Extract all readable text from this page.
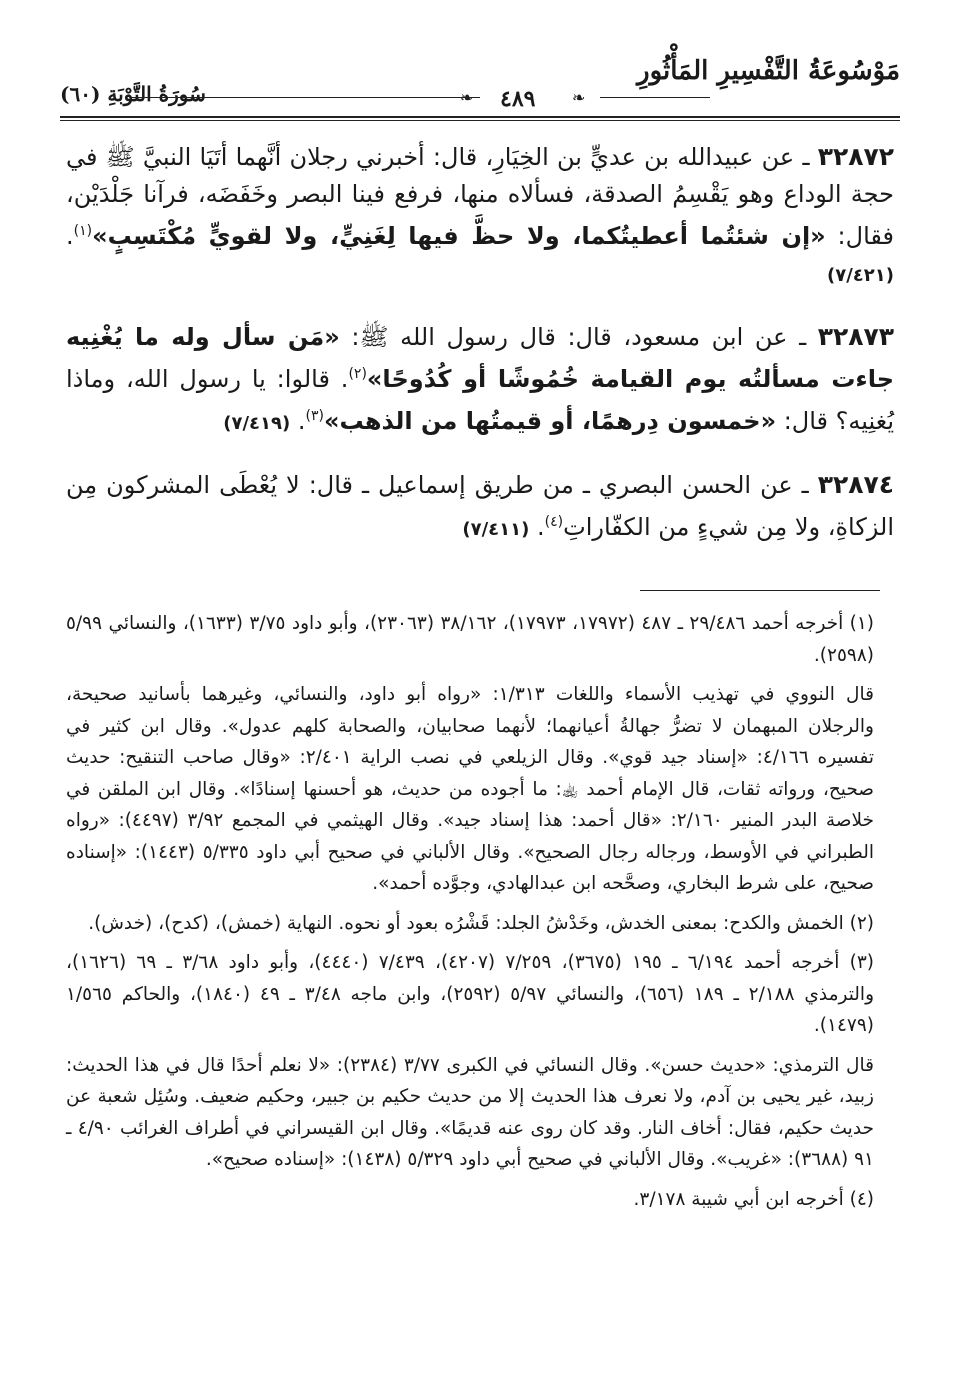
مَوْسُوعَةُ التَّفْسِيرِ المَأْثُورِ
سُورَةُ التَّوْبَةِ (٦٠)	❧ ٤٨٩ ❧

٣٢٨٧٢ ـ عن عبيدالله بن عديٍّ بن الخِيَارِ، قال: أخبرني رجلان أنَّهما أتَيَا النبيَّ ﷺ في حجة الوداع وهو يَقْسِمُ الصدقة، فسألاه منها، فرفع فينا البصر وخَفَضَه، فرآنا جَلْدَيْن، فقال: «إن شئتُما أعطيتُكما، ولا حظَّ فيها لِغَنِيٍّ، ولا لقويٍّ مُكْتَسِبٍ»$^{(١)}$. (٧/٤٢١)

٣٢٨٧٣ ـ عن ابن مسعود، قال: قال رسول الله ﷺ: «مَن سأل وله ما يُغْنِيه جاءت مسألتُه يوم القيامة خُمُوشًا أو كُدُوحًا»$^{(٢)}$. قالوا: يا رسول الله، وماذا يُغنِيه؟ قال: «خمسون دِرهمًا، أو قيمتُها من الذهب»$^{(٣)}$. (٧/٤١٩)

٣٢٨٧٤ ـ عن الحسن البصري ـ من طريق إسماعيل ـ قال: لا يُعْطَى المشركون مِن الزكاةِ، ولا مِن شيءٍ من الكفّاراتِ$^{(٤)}$. (٧/٤١١)

(١) أخرجه أحمد ٢٩/٤٨٦ ـ ٤٨٧ (١٧٩٧٢، ١٧٩٧٣)، ٣٨/١٦٢ (٢٣٠٦٣)، وأبو داود ٣/٧٥ (١٦٣٣)، والنسائي ٥/٩٩ (٢٥٩٨).

قال النووي في تهذيب الأسماء واللغات ١/٣١٣: «رواه أبو داود، والنسائي، وغيرهما بأسانيد صحيحة، والرجلان المبهمان لا تضرُّ جهالةُ أعيانهما؛ لأنهما صحابيان، والصحابة كلهم عدول». وقال ابن كثير في تفسيره ٤/١٦٦: «إسناد جيد قوي». وقال الزيلعي في نصب الراية ٢/٤٠١: «وقال صاحب التنقيح: حديث صحيح، ورواته ثقات، قال الإمام أحمد ﵀: ما أجوده من حديث، هو أحسنها إسنادًا». وقال ابن الملقن في خلاصة البدر المنير ٢/١٦٠: «قال أحمد: هذا إسناد جيد». وقال الهيثمي في المجمع ٣/٩٢ (٤٤٩٧): «رواه الطبراني في الأوسط، ورجاله رجال الصحيح». وقال الألباني في صحيح أبي داود ٥/٣٣٥ (١٤٤٣): «إسناده صحيح، على شرط البخاري، وصحَّحه ابن عبدالهادي، وجوَّده أحمد».

(٢) الخمش والكدح: بمعنى الخدش، وخَدْشُ الجلد: قَشْرُه بعود أو نحوه. النهاية (خمش)، (كدح)، (خدش).

(٣) أخرجه أحمد ٦/١٩٤ ـ ١٩٥ (٣٦٧٥)، ٧/٢٥٩ (٤٢٠٧)، ٧/٤٣٩ (٤٤٤٠)، وأبو داود ٣/٦٨ ـ ٦٩ (١٦٢٦)، والترمذي ٢/١٨٨ ـ ١٨٩ (٦٥٦)، والنسائي ٥/٩٧ (٢٥٩٢)، وابن ماجه ٣/٤٨ ـ ٤٩ (١٨٤٠)، والحاكم ١/٥٦٥ (١٤٧٩).

قال الترمذي: «حديث حسن». وقال النسائي في الكبرى ٣/٧٧ (٢٣٨٤): «لا نعلم أحدًا قال في هذا الحديث: زبيد، غير يحيى بن آدم، ولا نعرف هذا الحديث إلا من حديث حكيم بن جبير، وحكيم ضعيف. وسُئِل شعبة عن حديث حكيم، فقال: أخاف النار. وقد كان روى عنه قديمًا». وقال ابن القيسراني في أطراف الغرائب ٤/٩٠ ـ ٩١ (٣٦٨٨): «غريب». وقال الألباني في صحيح أبي داود ٥/٣٢٩ (١٤٣٨): «إسناده صحيح».

(٤) أخرجه ابن أبي شيبة ٣/١٧٨.
